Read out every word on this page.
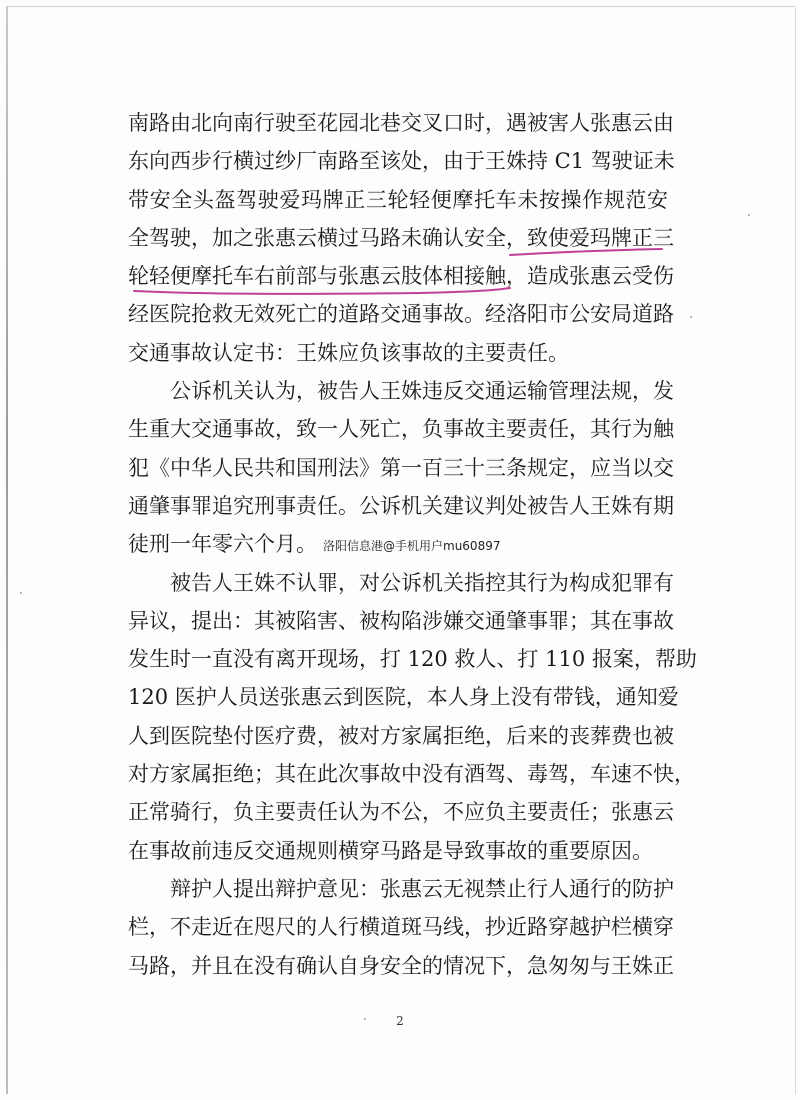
南路由北向南行驶至花园北巷交叉口时，遇被害人张惠云由
东向西步行横过纱厂南路至该处，由于王姝持 C1 驾驶证未
带安全头盔驾驶爱玛牌正三轮轻便摩托车未按操作规范安
全驾驶，加之张惠云横过马路未确认安全，致使爱玛牌正三
轮轻便摩托车右前部与张惠云肢体相接触，造成张惠云受伤
经医院抢救无效死亡的道路交通事故。经洛阳市公安局道路
交通事故认定书：王姝应负该事故的主要责任。
公诉机关认为，被告人王姝违反交通运输管理法规，发
生重大交通事故，致一人死亡，负事故主要责任，其行为触
犯《中华人民共和国刑法》第一百三十三条规定，应当以交
通肇事罪追究刑事责任。公诉机关建议判处被告人王姝有期
徒刑一年零六个月。 洛阳信息港@手机用户mu60897
被告人王姝不认罪，对公诉机关指控其行为构成犯罪有
异议，提出：其被陷害、被构陷涉嫌交通肇事罪；其在事故
发生时一直没有离开现场，打 120 救人、打 110 报案，帮助
120 医护人员送张惠云到医院，本人身上没有带钱，通知爱
人到医院垫付医疗费，被对方家属拒绝，后来的丧葬费也被
对方家属拒绝；其在此次事故中没有酒驾、毒驾，车速不快，
正常骑行，负主要责任认为不公，不应负主要责任；张惠云
在事故前违反交通规则横穿马路是导致事故的重要原因。
辩护人提出辩护意见：张惠云无视禁止行人通行的防护
栏，不走近在咫尺的人行横道斑马线，抄近路穿越护栏横穿
马路，并且在没有确认自身安全的情况下，急匆匆与王姝正
2
